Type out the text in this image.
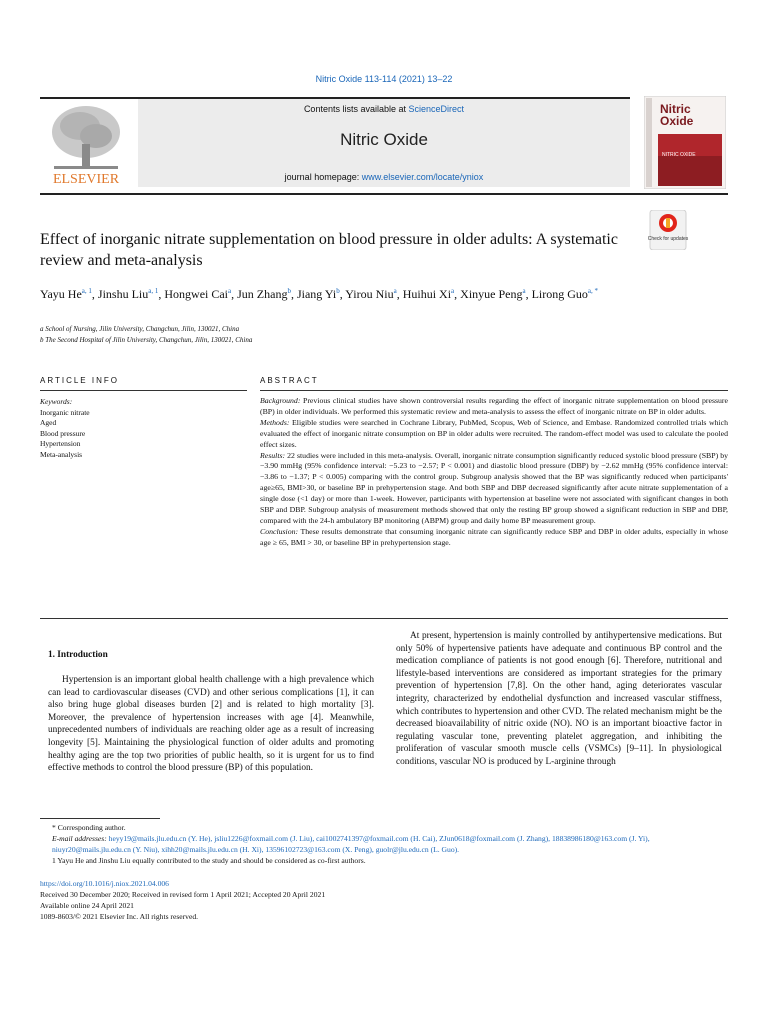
Nitric Oxide 113-114 (2021) 13–22
ELSEVIER
Contents lists available at ScienceDirect
Nitric Oxide
journal homepage: www.elsevier.com/locate/yniox
Nitric
Oxide
NITRIC OXIDE
Check for updates
Effect of inorganic nitrate supplementation on blood pressure in older adults: A systematic review and meta-analysis
Yayu He$^{a, 1}$, Jinshu Liu$^{a, 1}$, Hongwei Cai$^a$, Jun Zhang$^b$, Jiang Yi$^b$, Yirou Niu$^a$, Huihui Xi$^a$, Xinyue Peng$^a$, Lirong Guo$^{a, *}$
a School of Nursing, Jilin University, Changchun, Jilin, 130021, China
b The Second Hospital of Jilin University, Changchun, Jilin, 130021, China
ARTICLE INFO	ABSTRACT
Keywords:
Inorganic nitrate
Aged
Blood pressure
Hypertension
Meta-analysis

Background: Previous clinical studies have shown controversial results regarding the effect of inorganic nitrate supplementation on blood pressure (BP) in older individuals. We performed this systematic review and meta-analysis to assess the effect of inorganic nitrate on BP in older adults.

Methods: Eligible studies were searched in Cochrane Library, PubMed, Scopus, Web of Science, and Embase. Randomized controlled trials which evaluated the effect of inorganic nitrate consumption on BP in older adults were recruited. The random-effect model was used to calculate the pooled effect sizes.

Results: 22 studies were included in this meta-analysis. Overall, inorganic nitrate consumption significantly reduced systolic blood pressure (SBP) by −3.90 mmHg (95% confidence interval: −5.23 to −2.57; P < 0.001) and diastolic blood pressure (DBP) by −2.62 mmHg (95% confidence interval: −3.86 to −1.37; P < 0.005) comparing with the control group. Subgroup analysis showed that the BP was significantly reduced when participants' age≥65, BMI>30, or baseline BP in prehypertension stage. And both SBP and DBP decreased significantly after acute nitrate supplementation of a single dose (<1 day) or more than 1-week. However, participants with hypertension at baseline were not associated with significant changes in both SBP and DBP. Subgroup analysis of measurement methods showed that only the resting BP group showed a significant reduction in SBP and DBP, compared with the 24-h ambulatory BP monitoring (ABPM) group and daily home BP measurement group.

Conclusion: These results demonstrate that consuming inorganic nitrate can significantly reduce SBP and DBP in older adults, especially in whose age ≥ 65, BMI > 30, or baseline BP in prehypertension stage.

1. Introduction
Hypertension is an important global health challenge with a high prevalence which can lead to cardiovascular diseases (CVD) and other serious complications [1], it can also bring huge global diseases burden [2] and is related to high mortality [3]. Moreover, the prevalence of hypertension increases with age [4]. Meanwhile, unprecedented numbers of individuals are reaching older age as a result of increasing longevity [5]. Maintaining the physiological function of older adults and promoting healthy aging are the top two priorities of public health, so it is urgent for us to find effective methods to control the blood pressure (BP) of this population.
At present, hypertension is mainly controlled by antihypertensive medications. But only 50% of hypertensive patients have adequate and continuous BP control and the medication compliance of patients is not good enough [6]. Therefore, nutritional and lifestyle-based interventions are considered as important strategies for the primary prevention of hypertension [7,8]. On the other hand, aging deteriorates vascular integrity, characterized by endothelial dysfunction and increased vascular stiffness, which contributes to hypertension and other CVD. The related mechanism might be the decreased bioavailability of nitric oxide (NO). NO is an important bioactive factor in regulating vascular tone, preventing platelet aggregation, and inhibiting the proliferation of vascular smooth muscle cells (VSMCs) [9–11]. In physiological conditions, vascular NO is produced by L-arginine through
* Corresponding author.
E-mail addresses: heyy19@mails.jlu.edu.cn (Y. He), jsliu1226@foxmail.com (J. Liu), cai1002741397@foxmail.com (H. Cai), ZJun0618@foxmail.com (J. Zhang), 18838986180@163.com (J. Yi), niuyr20@mails.jlu.edu.cn (Y. Niu), xihh20@mails.jlu.edu.cn (H. Xi), 13596102723@163.com (X. Peng), guolr@jlu.edu.cn (L. Guo).
1 Yayu He and Jinshu Liu equally contributed to the study and should be considered as co-first authors.
https://doi.org/10.1016/j.niox.2021.04.006
Received 30 December 2020; Received in revised form 1 April 2021; Accepted 20 April 2021
Available online 24 April 2021
1089-8603/© 2021 Elsevier Inc. All rights reserved.
